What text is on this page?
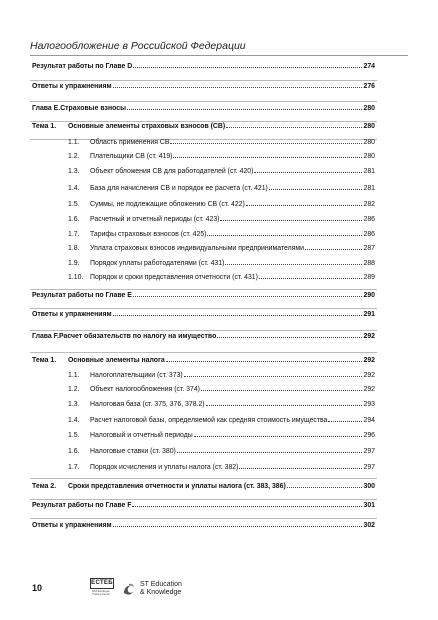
Налогообложение в Российской Федерации
Результат работы по Главе D	274
Ответы к упражнениям	276
Глава E. Страховые взносы	280
Тема 1.	Основные элементы страховых взносов (СВ)	280
1.1.	Область применения СВ	280
1.2.	Плательщики СВ (ст. 419)	280
1.3.	Объект обложения СВ для работодателей (ст. 420)	281
1.4.	База для начисления СВ и порядок ее расчета (ст. 421)	281
1.5.	Суммы, не подлежащие обложению СВ (ст. 422)	282
1.6.	Расчетный и отчетный периоды (ст. 423)	286
1.7.	Тарифы страховых взносов (ст. 425)	286
1.8.	Уплата страховых взносов индивидуальными предпринимателями	287
1.9.	Порядок уплаты работодателями (ст. 431)	288
1.10. Порядок и сроки представления отчетности (ст. 431)	289
Результат работы по Главе E	290
Ответы к упражнениям	291
Глава F. Расчет обязательств по налогу на имущество	292
Тема 1.	Основные элементы налога	292
1.1.	Налогоплательщики (ст. 373)	292
1.2.	Объект налогообложения (ст. 374)	292
1.3.	Налоговая база (ст. 375, 376, 378.2)	293
1.4.	Расчет налоговой базы, определяемой как средняя стоимость имущества	294
1.5.	Налоговый и отчетный периоды	296
1.6.	Налоговые ставки (ст. 380)	297
1.7.	Порядок исчисления и уплаты налога (ст. 382)	297
Тема 2.	Сроки представления отчетности и уплаты налога (ст. 383, 386)	300
Результат работы по Главе F	301
Ответы к упражнениям	302
10	ЕСТЕБ
ESS Employee Training Center
ST Education
& Knowledge
